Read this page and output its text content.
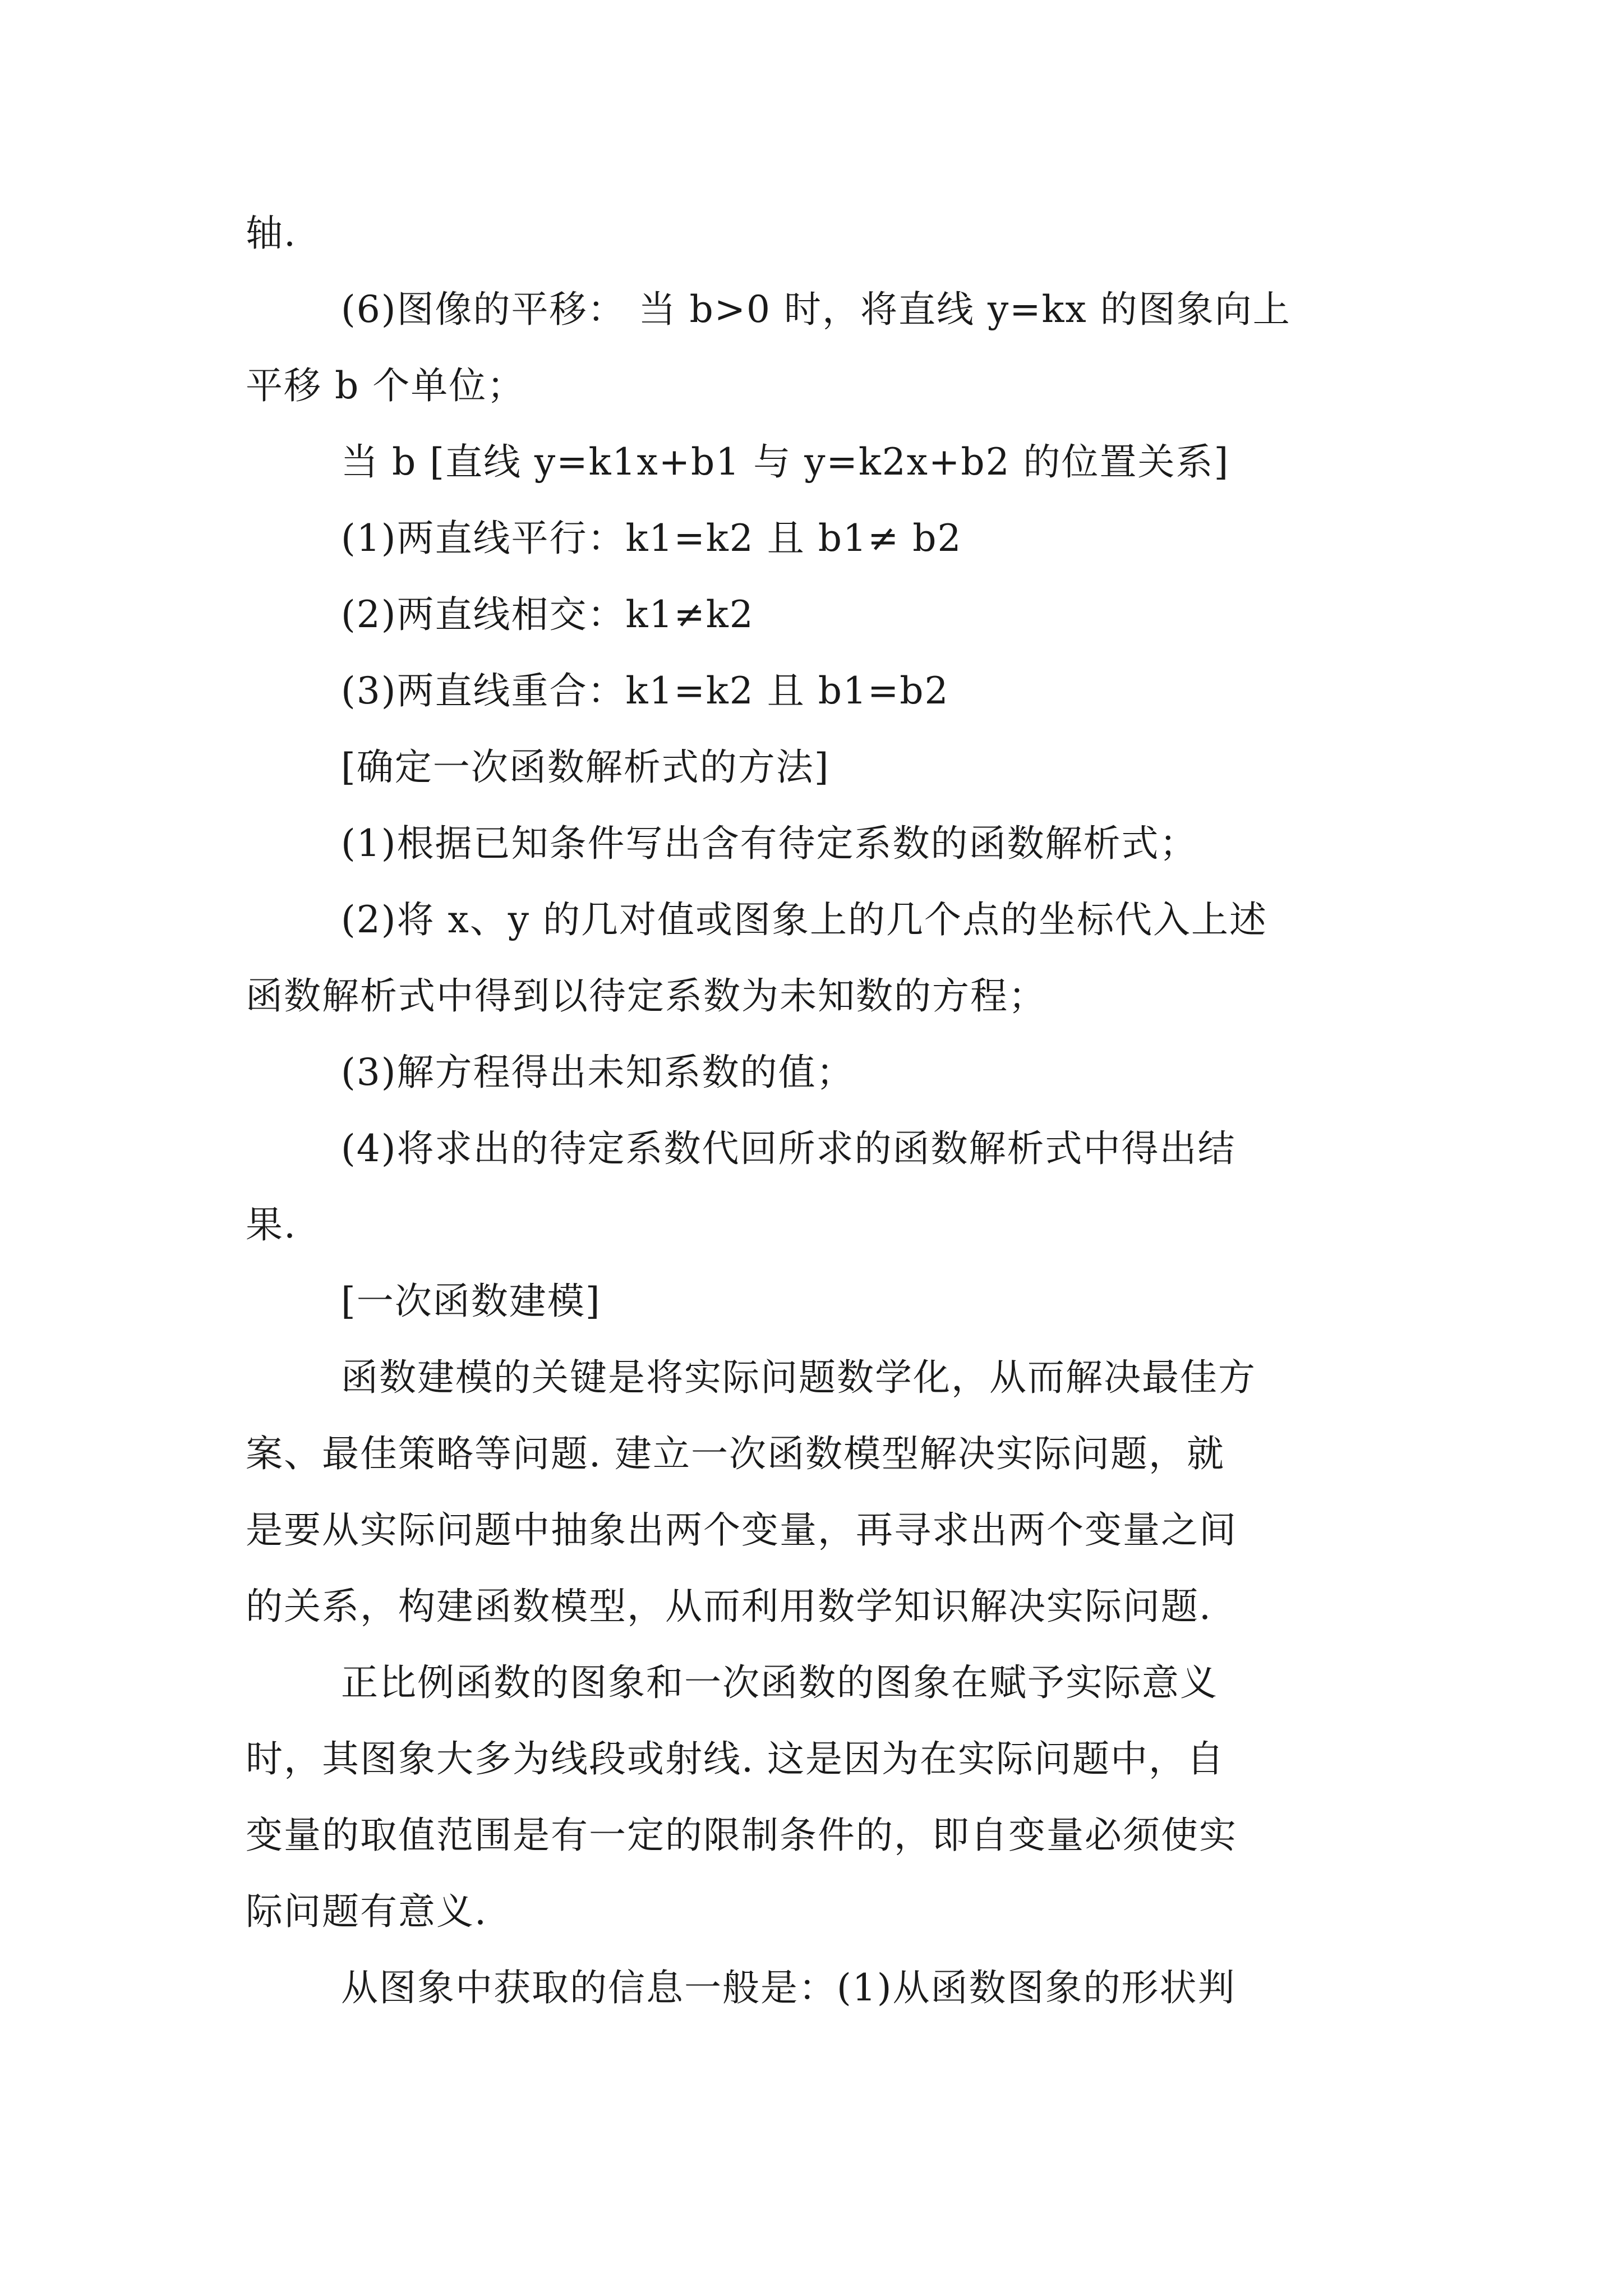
轴.
(6)图像的平移： 当 b>0 时，将直线 y=kx 的图象向上
平移 b 个单位；
当 b [直线 y=k1x+b1 与 y=k2x+b2 的位置关系]
(1)两直线平行：k1=k2 且 b1≠ b2
(2)两直线相交：k1≠k2
(3)两直线重合：k1=k2 且 b1=b2
[确定一次函数解析式的方法]
(1)根据已知条件写出含有待定系数的函数解析式；
(2)将 x、y 的几对值或图象上的几个点的坐标代入上述
函数解析式中得到以待定系数为未知数的方程；
(3)解方程得出未知系数的值；
(4)将求出的待定系数代回所求的函数解析式中得出结
果.
[一次函数建模]
函数建模的关键是将实际问题数学化，从而解决最佳方
案、最佳策略等问题. 建立一次函数模型解决实际问题，就
是要从实际问题中抽象出两个变量，再寻求出两个变量之间
的关系，构建函数模型，从而利用数学知识解决实际问题.
正比例函数的图象和一次函数的图象在赋予实际意义
时，其图象大多为线段或射线. 这是因为在实际问题中，自
变量的取值范围是有一定的限制条件的，即自变量必须使实
际问题有意义.
从图象中获取的信息一般是：(1)从函数图象的形状判
